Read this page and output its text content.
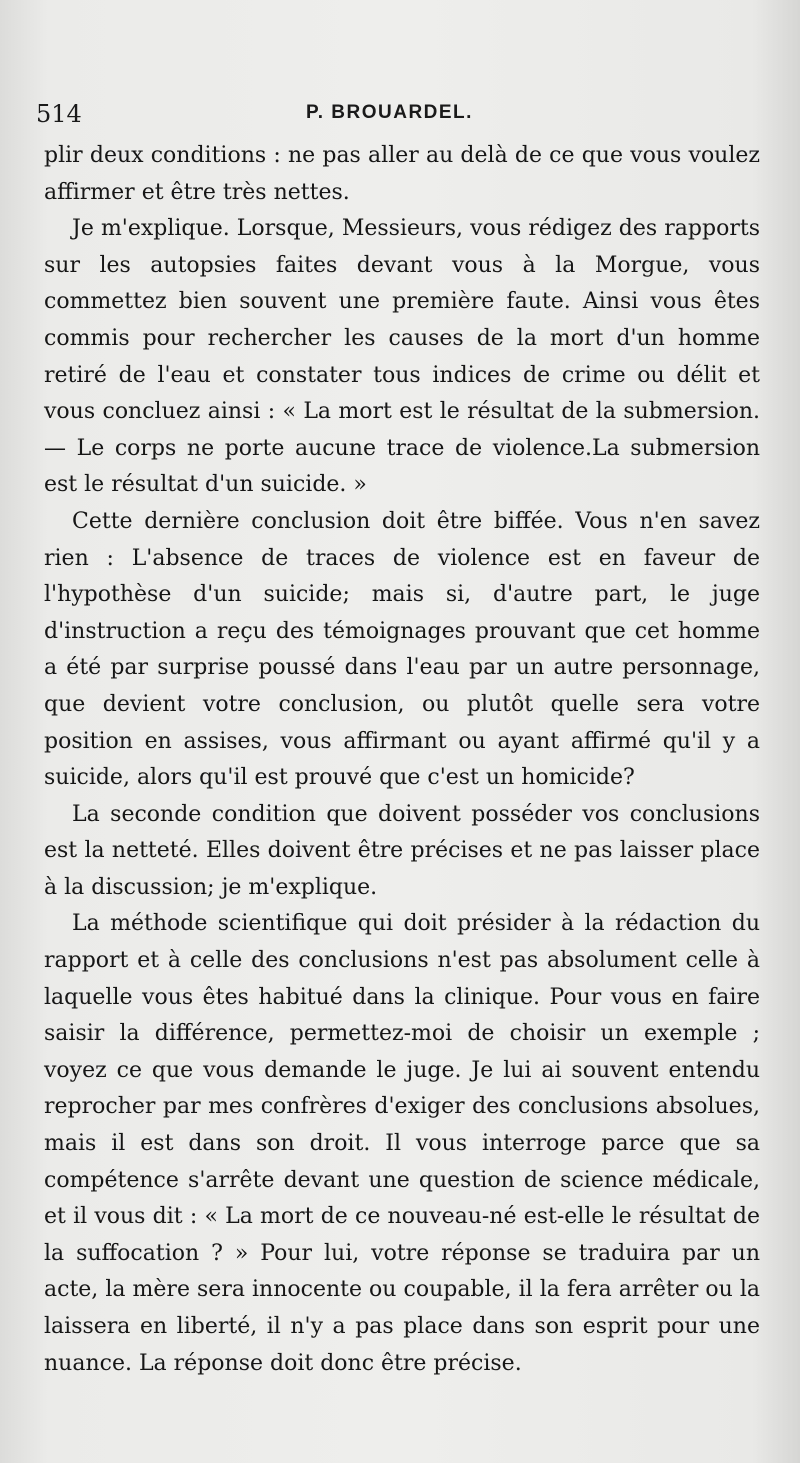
514	P. BROUARDEL.

plir deux conditions : ne pas aller au delà de ce que vous voulez affirmer et être très nettes.

Je m'explique. Lorsque, Messieurs, vous rédigez des rapports sur les autopsies faites devant vous à la Morgue, vous commettez bien souvent une première faute. Ainsi vous êtes commis pour rechercher les causes de la mort d'un homme retiré de l'eau et constater tous indices de crime ou délit et vous concluez ainsi : « La mort est le résultat de la submersion. — Le corps ne porte aucune trace de violence.La submersion est le résultat d'un suicide. »

Cette dernière conclusion doit être biffée. Vous n'en savez rien : L'absence de traces de violence est en faveur de l'hypothèse d'un suicide; mais si, d'autre part, le juge d'instruction a reçu des témoignages prouvant que cet homme a été par surprise poussé dans l'eau par un autre personnage, que devient votre conclusion, ou plutôt quelle sera votre position en assises, vous affirmant ou ayant affirmé qu'il y a suicide, alors qu'il est prouvé que c'est un homicide?

La seconde condition que doivent posséder vos conclusions est la netteté. Elles doivent être précises et ne pas laisser place à la discussion; je m'explique.

La méthode scientifique qui doit présider à la rédaction du rapport et à celle des conclusions n'est pas absolument celle à laquelle vous êtes habitué dans la clinique. Pour vous en faire saisir la différence, permettez-moi de choisir un exemple ; voyez ce que vous demande le juge. Je lui ai souvent entendu reprocher par mes confrères d'exiger des conclusions absolues, mais il est dans son droit. Il vous interroge parce que sa compétence s'arrête devant une question de science médicale, et il vous dit : « La mort de ce nouveau-né est-elle le résultat de la suffocation ? » Pour lui, votre réponse se traduira par un acte, la mère sera innocente ou coupable, il la fera arrêter ou la laissera en liberté, il n'y a pas place dans son esprit pour une nuance. La réponse doit donc être précise.
